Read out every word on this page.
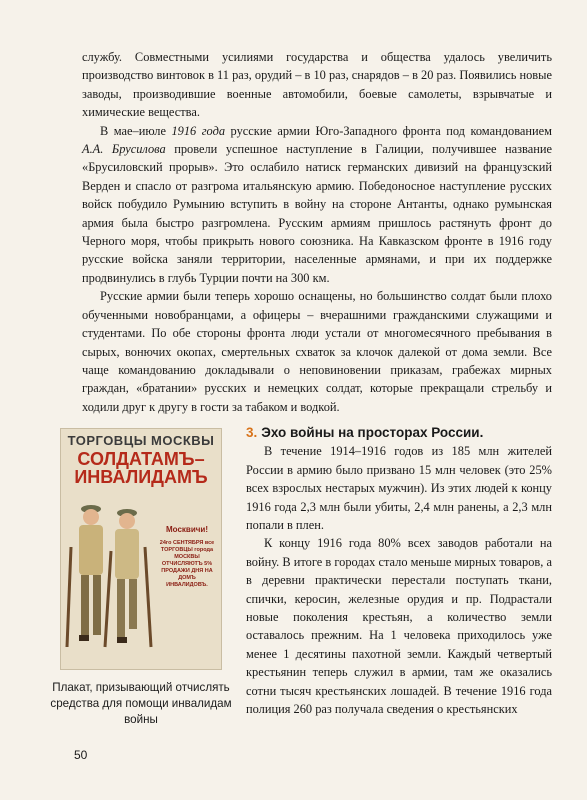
службу. Совместными усилиями государства и общества удалось увеличить производство винтовок в 11 раз, орудий – в 10 раз, снарядов – в 20 раз. Появились новые заводы, производившие военные автомобили, боевые самолеты, взрывчатые и химические вещества.

В мае–июле 1916 года русские армии Юго-Западного фронта под командованием А.А. Брусилова провели успешное наступление в Галиции, получившее название «Брусиловский прорыв». Это ослабило натиск германских дивизий на французский Верден и спасло от разгрома итальянскую армию. Победоносное наступление русских войск побудило Румынию вступить в войну на стороне Антанты, однако румынская армия была быстро разгромлена. Русским армиям пришлось растянуть фронт до Черного моря, чтобы прикрыть нового союзника. На Кавказском фронте в 1916 году русские войска заняли территории, населенные армянами, и при их поддержке продвинулись в глубь Турции почти на 300 км.

Русские армии были теперь хорошо оснащены, но большинство солдат были плохо обученными новобранцами, а офицеры – вчерашними гражданскими служащими и студентами. По обе стороны фронта люди устали от многомесячного пребывания в сырых, вонючих окопах, смертельных схваток за клочок далекой от дома земли. Все чаще командованию докладывали о неповиновении приказам, грабежах мирных граждан, «братании» русских и немецких солдат, которые прекращали стрельбу и ходили друг к другу в гости за табаком и водкой.

ТОРГОВЦЫ МОСКВЫ
СОЛДАТАМЪ–ИНВАЛИДАМЪ
Москвичи!
24го СЕНТЯБРЯ все ТОРГОВЦЫ города МОСКВЫ ОТЧИСЛЯЮТЪ 5% ПРОДАЖИ ДНЯ НА ДОМЪ ИНВАЛИДОВЪ.
Плакат, призывающий отчислять средства для помощи инвалидам войны

3. Эхо войны на просторах России.

В течение 1914–1916 годов из 185 млн жителей России в армию было призвано 15 млн человек (это 25% всех взрослых нестарых мужчин). Из этих людей к концу 1916 года 2,3 млн были убиты, 2,4 млн ранены, а 2,3 млн попали в плен.

К концу 1916 года 80% всех заводов работали на войну. В итоге в городах стало меньше мирных товаров, а в деревни практически перестали поступать ткани, спички, керосин, железные орудия и пр. Подрастали новые поколения крестьян, а количество земли оставалось прежним. На 1 человека приходилось уже менее 1 десятины пахотной земли. Каждый четвертый крестьянин теперь служил в армии, там же оказались сотни тысяч крестьянских лошадей. В течение 1916 года полиция 260 раз получала сведения о крестьянских

50
